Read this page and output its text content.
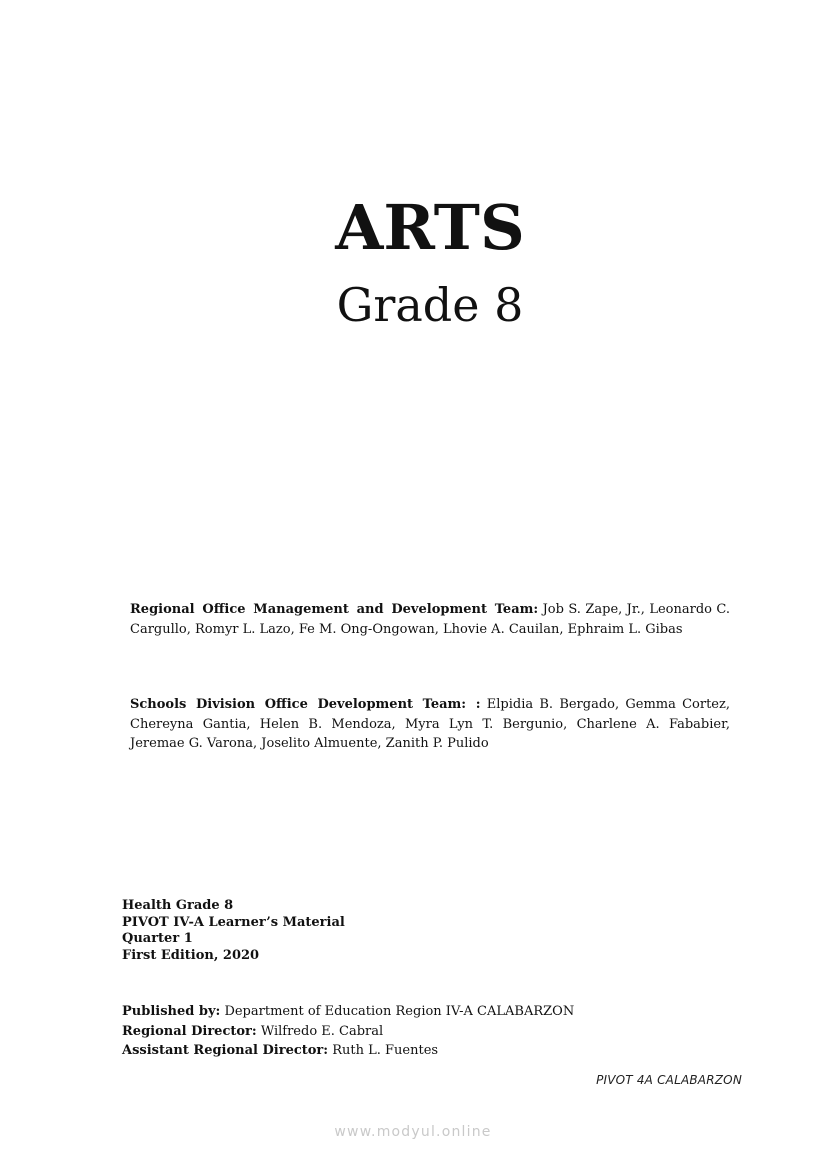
ARTS
Grade 8

Regional Office Management and Development Team: Job S. Zape, Jr., Leonardo C. Cargullo, Romyr L. Lazo, Fe M. Ong-Ongowan, Lhovie A. Cauilan, Ephraim L. Gibas

Schools Division Office Development Team: : Elpidia B. Bergado, Gemma Cortez, Chereyna Gantia, Helen B. Mendoza, Myra Lyn T. Bergunio, Charlene A. Fababier, Jeremae G. Varona, Joselito Almuente, Zanith P. Pulido

Health Grade 8
PIVOT IV-A Learner’s Material
Quarter 1
First Edition, 2020
Published by: Department of Education Region IV-A CALABARZON
Regional Director: Wilfredo E. Cabral
Assistant Regional Director: Ruth L. Fuentes
PIVOT 4A CALABARZON
www.modyul.online
